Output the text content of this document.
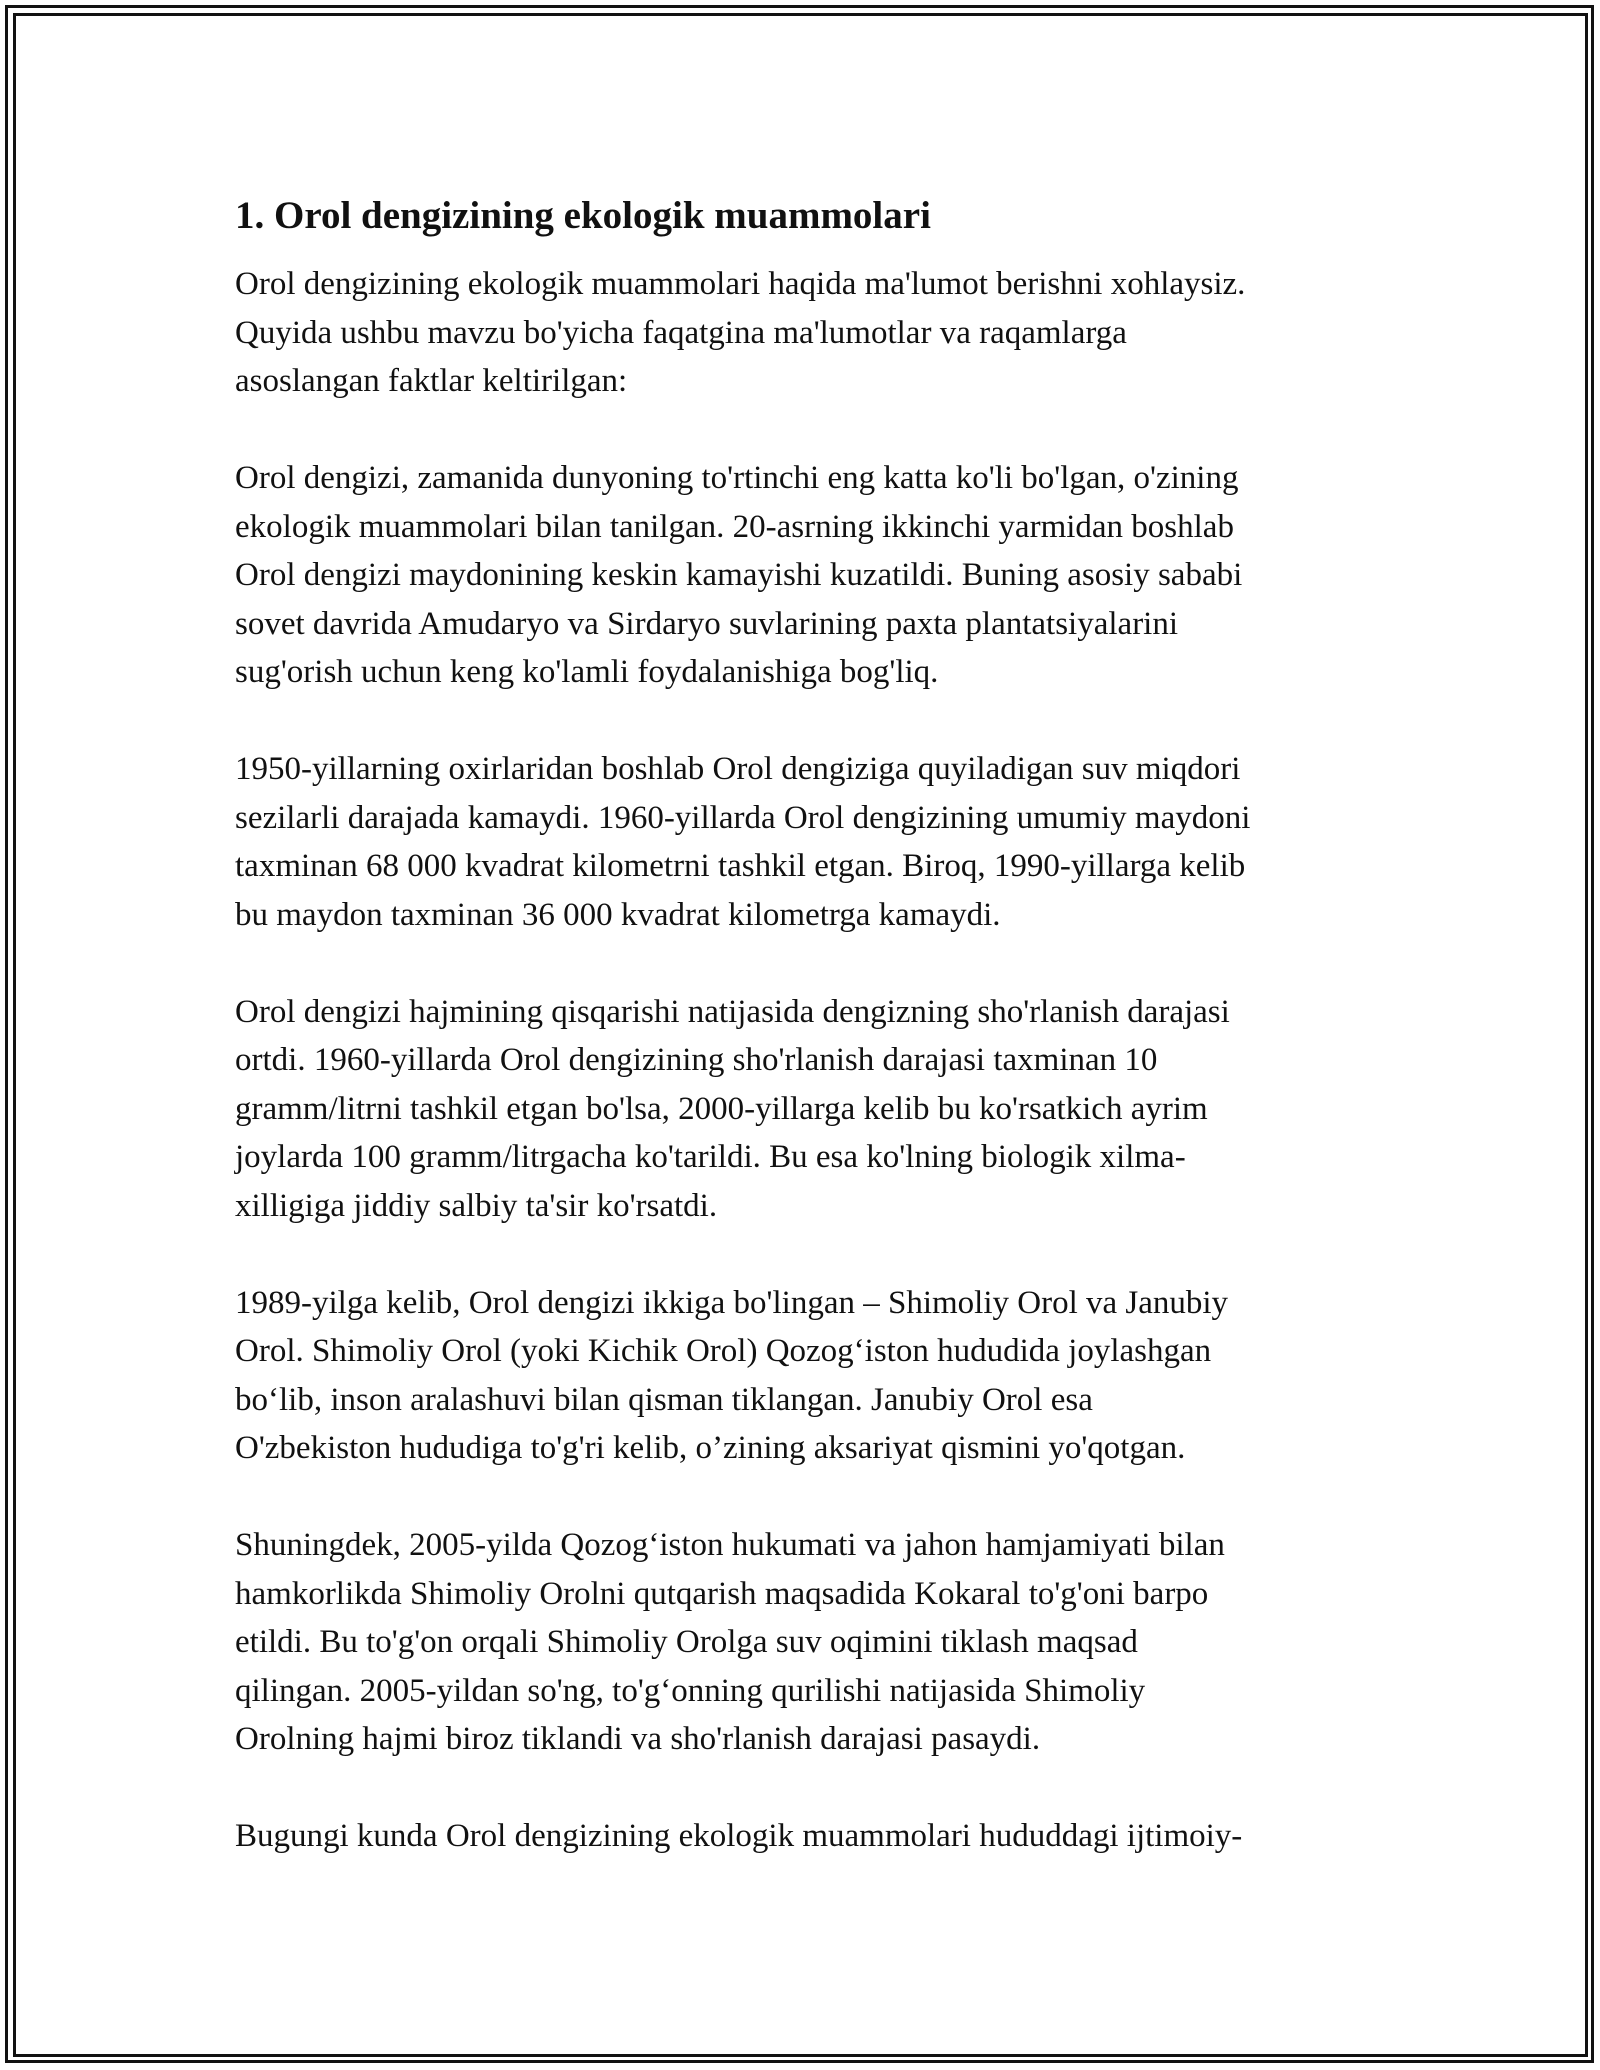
1. Orol dengizining ekologik muammolari
Orol dengizining ekologik muammolari haqida ma'lumot berishni xohlaysiz.
Quyida ushbu mavzu bo'yicha faqatgina ma'lumotlar va raqamlarga
asoslangan faktlar keltirilgan:
Orol dengizi, zamanida dunyoning to'rtinchi eng katta ko'li bo'lgan, o'zining
ekologik muammolari bilan tanilgan. 20-asrning ikkinchi yarmidan boshlab
Orol dengizi maydonining keskin kamayishi kuzatildi. Buning asosiy sababi
sovet davrida Amudaryo va Sirdaryo suvlarining paxta plantatsiyalarini
sug'orish uchun keng ko'lamli foydalanishiga bog'liq.
1950-yillarning oxirlaridan boshlab Orol dengiziga quyiladigan suv miqdori
sezilarli darajada kamaydi. 1960-yillarda Orol dengizining umumiy maydoni
taxminan 68 000 kvadrat kilometrni tashkil etgan. Biroq, 1990-yillarga kelib
bu maydon taxminan 36 000 kvadrat kilometrga kamaydi.
Orol dengizi hajmining qisqarishi natijasida dengizning sho'rlanish darajasi
ortdi. 1960-yillarda Orol dengizining sho'rlanish darajasi taxminan 10
gramm/litrni tashkil etgan bo'lsa, 2000-yillarga kelib bu ko'rsatkich ayrim
joylarda 100 gramm/litrgacha ko'tarildi. Bu esa ko'lning biologik xilma-
xilligiga jiddiy salbiy ta'sir ko'rsatdi.
1989-yilga kelib, Orol dengizi ikkiga bo'lingan – Shimoliy Orol va Janubiy
Orol. Shimoliy Orol (yoki Kichik Orol) Qozog‘iston hududida joylashgan
bo‘lib, inson aralashuvi bilan qisman tiklangan. Janubiy Orol esa
O'zbekiston hududiga to'g'ri kelib, o’zining aksariyat qismini yo'qotgan.
Shuningdek, 2005-yilda Qozog‘iston hukumati va jahon hamjamiyati bilan
hamkorlikda Shimoliy Orolni qutqarish maqsadida Kokaral to'g'oni barpo
etildi. Bu to'g'on orqali Shimoliy Orolga suv oqimini tiklash maqsad
qilingan. 2005-yildan so'ng, to'g‘onning qurilishi natijasida Shimoliy
Orolning hajmi biroz tiklandi va sho'rlanish darajasi pasaydi.
Bugungi kunda Orol dengizining ekologik muammolari hududdagi ijtimoiy-
